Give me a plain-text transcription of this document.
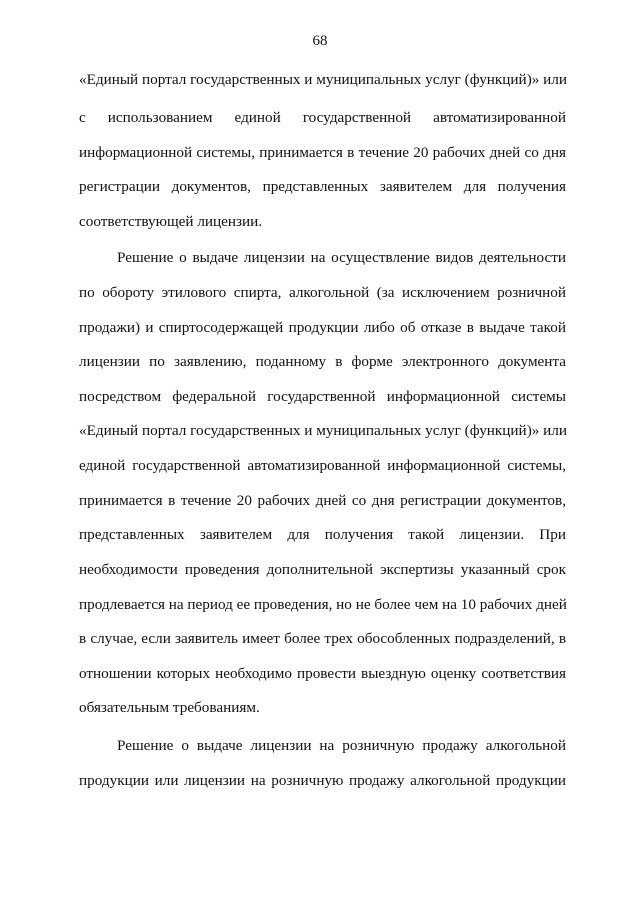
68
«Единый портал государственных и муниципальных услуг (функций)» или
с использованием единой государственной автоматизированной
информационной системы, принимается в течение 20 рабочих дней со дня
регистрации документов, представленных заявителем для получения
соответствующей лицензии.
Решение о выдаче лицензии на осуществление видов деятельности
по обороту этилового спирта, алкогольной (за исключением розничной
продажи) и спиртосодержащей продукции либо об отказе в выдаче такой
лицензии по заявлению, поданному в форме электронного документа
посредством федеральной государственной информационной системы
«Единый портал государственных и муниципальных услуг (функций)» или
единой государственной автоматизированной информационной системы,
принимается в течение 20 рабочих дней со дня регистрации документов,
представленных заявителем для получения такой лицензии. При
необходимости проведения дополнительной экспертизы указанный срок
продлевается на период ее проведения, но не более чем на 10 рабочих дней
в случае, если заявитель имеет более трех обособленных подразделений, в
отношении которых необходимо провести выездную оценку соответствия
обязательным требованиям.
Решение о выдаче лицензии на розничную продажу алкогольной
продукции или лицензии на розничную продажу алкогольной продукции
